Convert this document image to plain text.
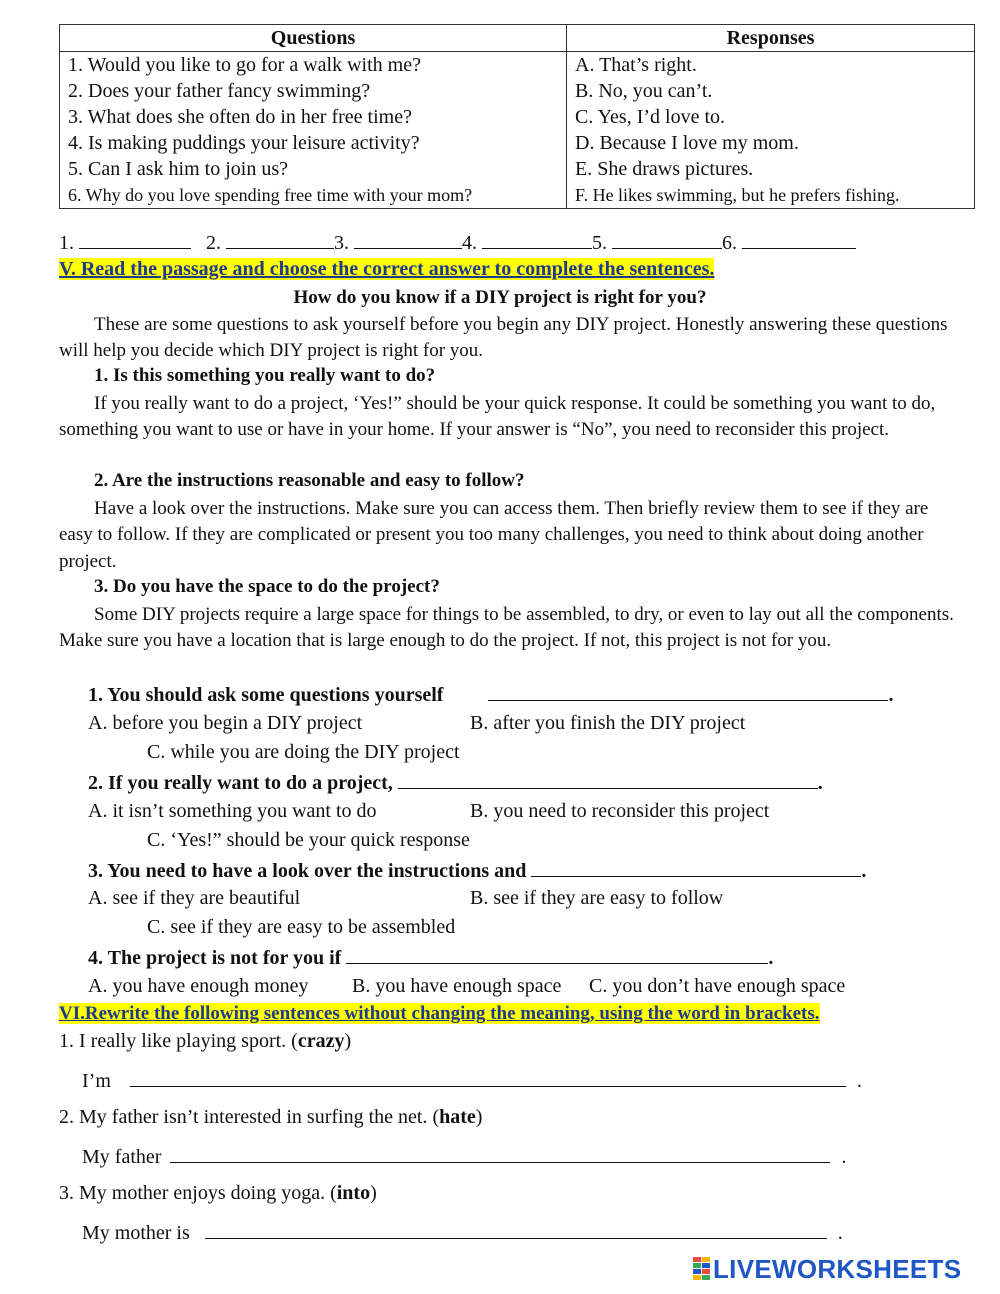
Questions	Responses
1. Would you like to go for a walk with me?	A. That’s right.
2. Does your father fancy swimming?	B. No, you can’t.
3. What does she often do in her free time?	C. Yes, I’d love to.
4. Is making puddings your leisure activity?	D. Because I love my mom.
5. Can I ask him to join us?	E. She draws pictures.
6. Why do you love spending free time with your mom?	F. He likes swimming, but he prefers fishing.
1.	2.	3.	4.	5.	6.
V. Read the passage and choose the correct answer to complete the sentences.
How do you know if a DIY project is right for you?
These are some questions to ask yourself before you begin any DIY project. Honestly answering these questions will help you decide which DIY project is right for you.
1. Is this something you really want to do?
If you really want to do a project, ‘Yes!” should be your quick response. It could be something you want to do, something you want to use or have in your home. If your answer is “No”, you need to reconsider this project.
2. Are the instructions reasonable and easy to follow?
Have a look over the instructions. Make sure you can access them. Then briefly review them to see if they are easy to follow. If they are complicated or present you too many challenges, you need to think about doing another project.
3. Do you have the space to do the project?
Some DIY projects require a large space for things to be assembled, to dry, or even to lay out all the components. Make sure you have a location that is large enough to do the project. If not, this project is not for you.
1. You should ask some questions yourself	.
A. before you begin a DIY project	B. after you finish the DIY project
C. while you are doing the DIY project
2. If you really want to do a project,	.
A. it isn’t something you want to do	B. you need to reconsider this project
C. ‘Yes!” should be your quick response
3. You need to have a look over the instructions and	.
A. see if they are beautiful	B. see if they are easy to follow
C. see if they are easy to be assembled
4. The project is not for you if	.
A. you have enough money B. you have enough space C. you don’t have enough space
VI.Rewrite the following sentences without changing the meaning, using the word in brackets.
1. I really like playing sport. (crazy)
I’m	.
2. My father isn’t interested in surfing the net. (hate)
My father	.
3. My mother enjoys doing yoga. (into)
My mother is	.
LIVEWORKSHEETS
